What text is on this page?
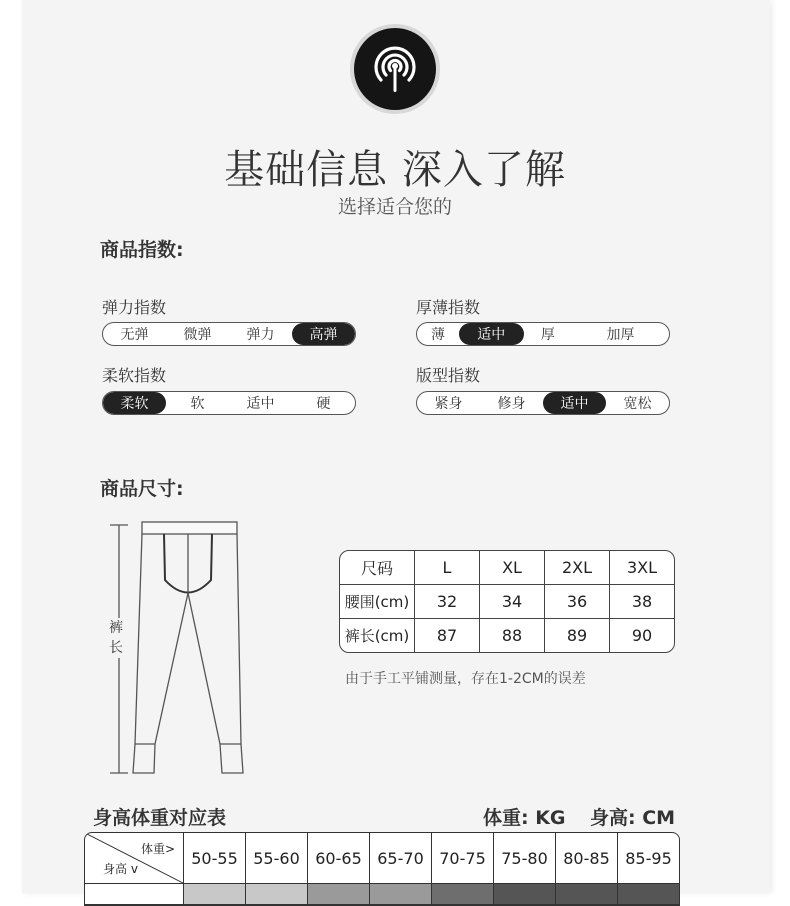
基础信息 深入了解
选择适合您的
商品指数:
弹力指数
无弹	微弹	弹力	高弹
厚薄指数
薄	适中	厚	加厚
柔软指数
柔软	软	适中	硬
版型指数
紧身	修身	适中	宽松
商品尺寸:
裤
长
尺码	L	XL	2XL	3XL
腰围(cm)	32	34	36	38
裤长(cm)	87	88	89	90
由于手工平铺测量，存在1-2CM的误差
身高体重对应表	体重: KG 身高: CM
体重>
身高 v	50-55	55-60	60-65	65-70	70-75	75-80	80-85	85-95
